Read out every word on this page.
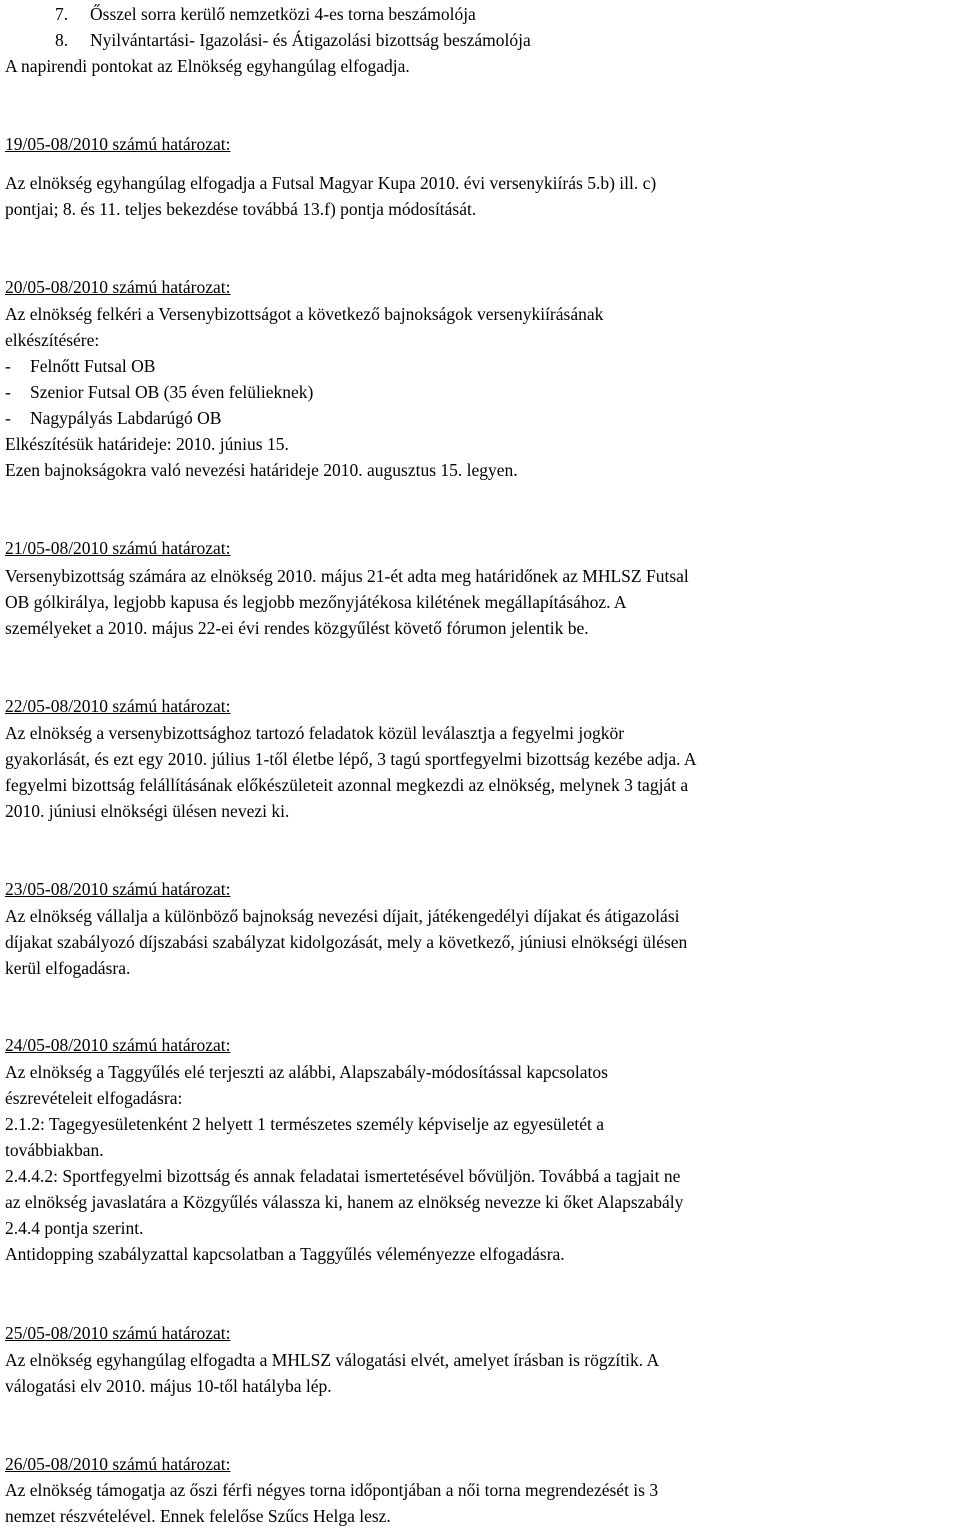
7.     Ősszel sorra kerülő nemzetközi 4-es torna beszámolója
8.     Nyilvántartási- Igazolási- és Átigazolási bizottság beszámolója
A napirendi pontokat az Elnökség egyhangúlag elfogadja.
19/05-08/2010 számú határozat:
Az elnökség egyhangúlag elfogadja a Futsal Magyar Kupa 2010. évi versenykiírás 5.b) ill. c)
pontjai; 8. és 11. teljes bekezdése továbbá 13.f) pontja módosítását.
20/05-08/2010 számú határozat:
Az elnökség felkéri a Versenybizottságot a következő bajnokságok versenykiírásának
elkészítésére:
- Felnőtt Futsal OB
- Szenior Futsal OB (35 éven felülieknek)
- Nagypályás Labdarúgó OB
Elkészítésük határideje: 2010. június 15.
Ezen bajnokságokra való nevezési határideje 2010. augusztus 15. legyen.
21/05-08/2010 számú határozat:
Versenybizottság számára az elnökség 2010. május 21-ét adta meg határidőnek az MHLSZ Futsal
OB gólkirálya, legjobb kapusa és legjobb mezőnyjátékosa kilétének megállapításához. A
személyeket a 2010. május 22-ei évi rendes közgyűlést követő fórumon jelentik be.
22/05-08/2010 számú határozat:
Az elnökség a versenybizottsághoz tartozó feladatok közül leválasztja a fegyelmi jogkör
gyakorlását, és ezt egy 2010. július 1-től életbe lépő, 3 tagú sportfegyelmi bizottság kezébe adja. A
fegyelmi bizottság felállításának előkészületeit azonnal megkezdi az elnökség, melynek 3 tagját a
2010. júniusi elnökségi ülésen nevezi ki.
23/05-08/2010 számú határozat:
Az elnökség vállalja a különböző bajnokság nevezési díjait, játékengedélyi díjakat és átigazolási
díjakat szabályozó díjszabási szabályzat kidolgozását, mely a következő, júniusi elnökségi ülésen
kerül elfogadásra.
24/05-08/2010 számú határozat:
Az elnökség a Taggyűlés elé terjeszti az alábbi, Alapszabály-módosítással kapcsolatos
észrevételeit elfogadásra:
2.1.2: Tagegyesületenként 2 helyett 1 természetes személy képviselje az egyesületét a
továbbiakban.
2.4.4.2: Sportfegyelmi bizottság és annak feladatai ismertetésével bővüljön. Továbbá a tagjait ne
az elnökség javaslatára a Közgyűlés válassza ki, hanem az elnökség nevezze ki őket Alapszabály
2.4.4 pontja szerint.
Antidopping szabályzattal kapcsolatban a Taggyűlés véleményezze elfogadásra.
25/05-08/2010 számú határozat:
Az elnökség egyhangúlag elfogadta a MHLSZ válogatási elvét, amelyet írásban is rögzítik. A
válogatási elv 2010. május 10-től hatályba lép.
26/05-08/2010 számú határozat:
Az elnökség támogatja az őszi férfi négyes torna időpontjában a női torna megrendezését is 3
nemzet részvételével. Ennek felelőse Szűcs Helga lesz.
